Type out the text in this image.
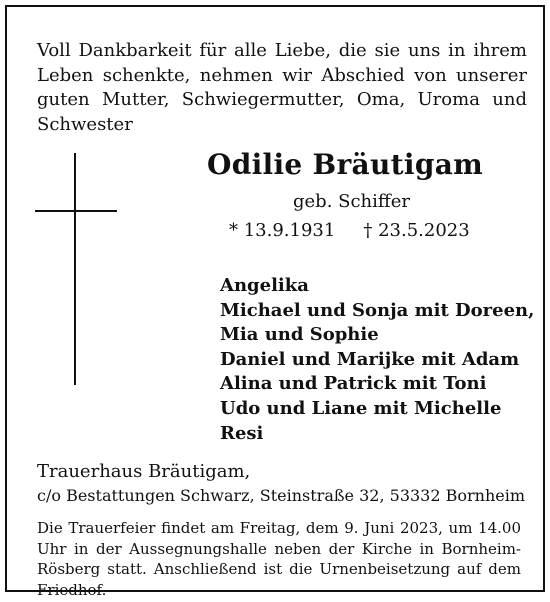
Voll Dankbarkeit für alle Liebe, die sie uns in ihrem Leben schenkte, nehmen wir Abschied von unserer guten Mutter, Schwiegermutter, Oma, Uroma und Schwester

Odilie Bräutigam
geb. Schiffer
* 13.9.1931 † 23.5.2023
Angelika
Michael und Sonja mit Doreen,
Mia und Sophie
Daniel und Marijke mit Adam
Alina und Patrick mit Toni
Udo und Liane mit Michelle
Resi
Trauerhaus Bräutigam,
c/o Bestattungen Schwarz, Steinstraße 32, 53332 Bornheim

Die Trauerfeier findet am Freitag, dem 9. Juni 2023, um 14.00 Uhr in der Aussegnungshalle neben der Kirche in Bornheim-Rösberg statt. Anschließend ist die Urnenbeisetzung auf dem Friedhof.
